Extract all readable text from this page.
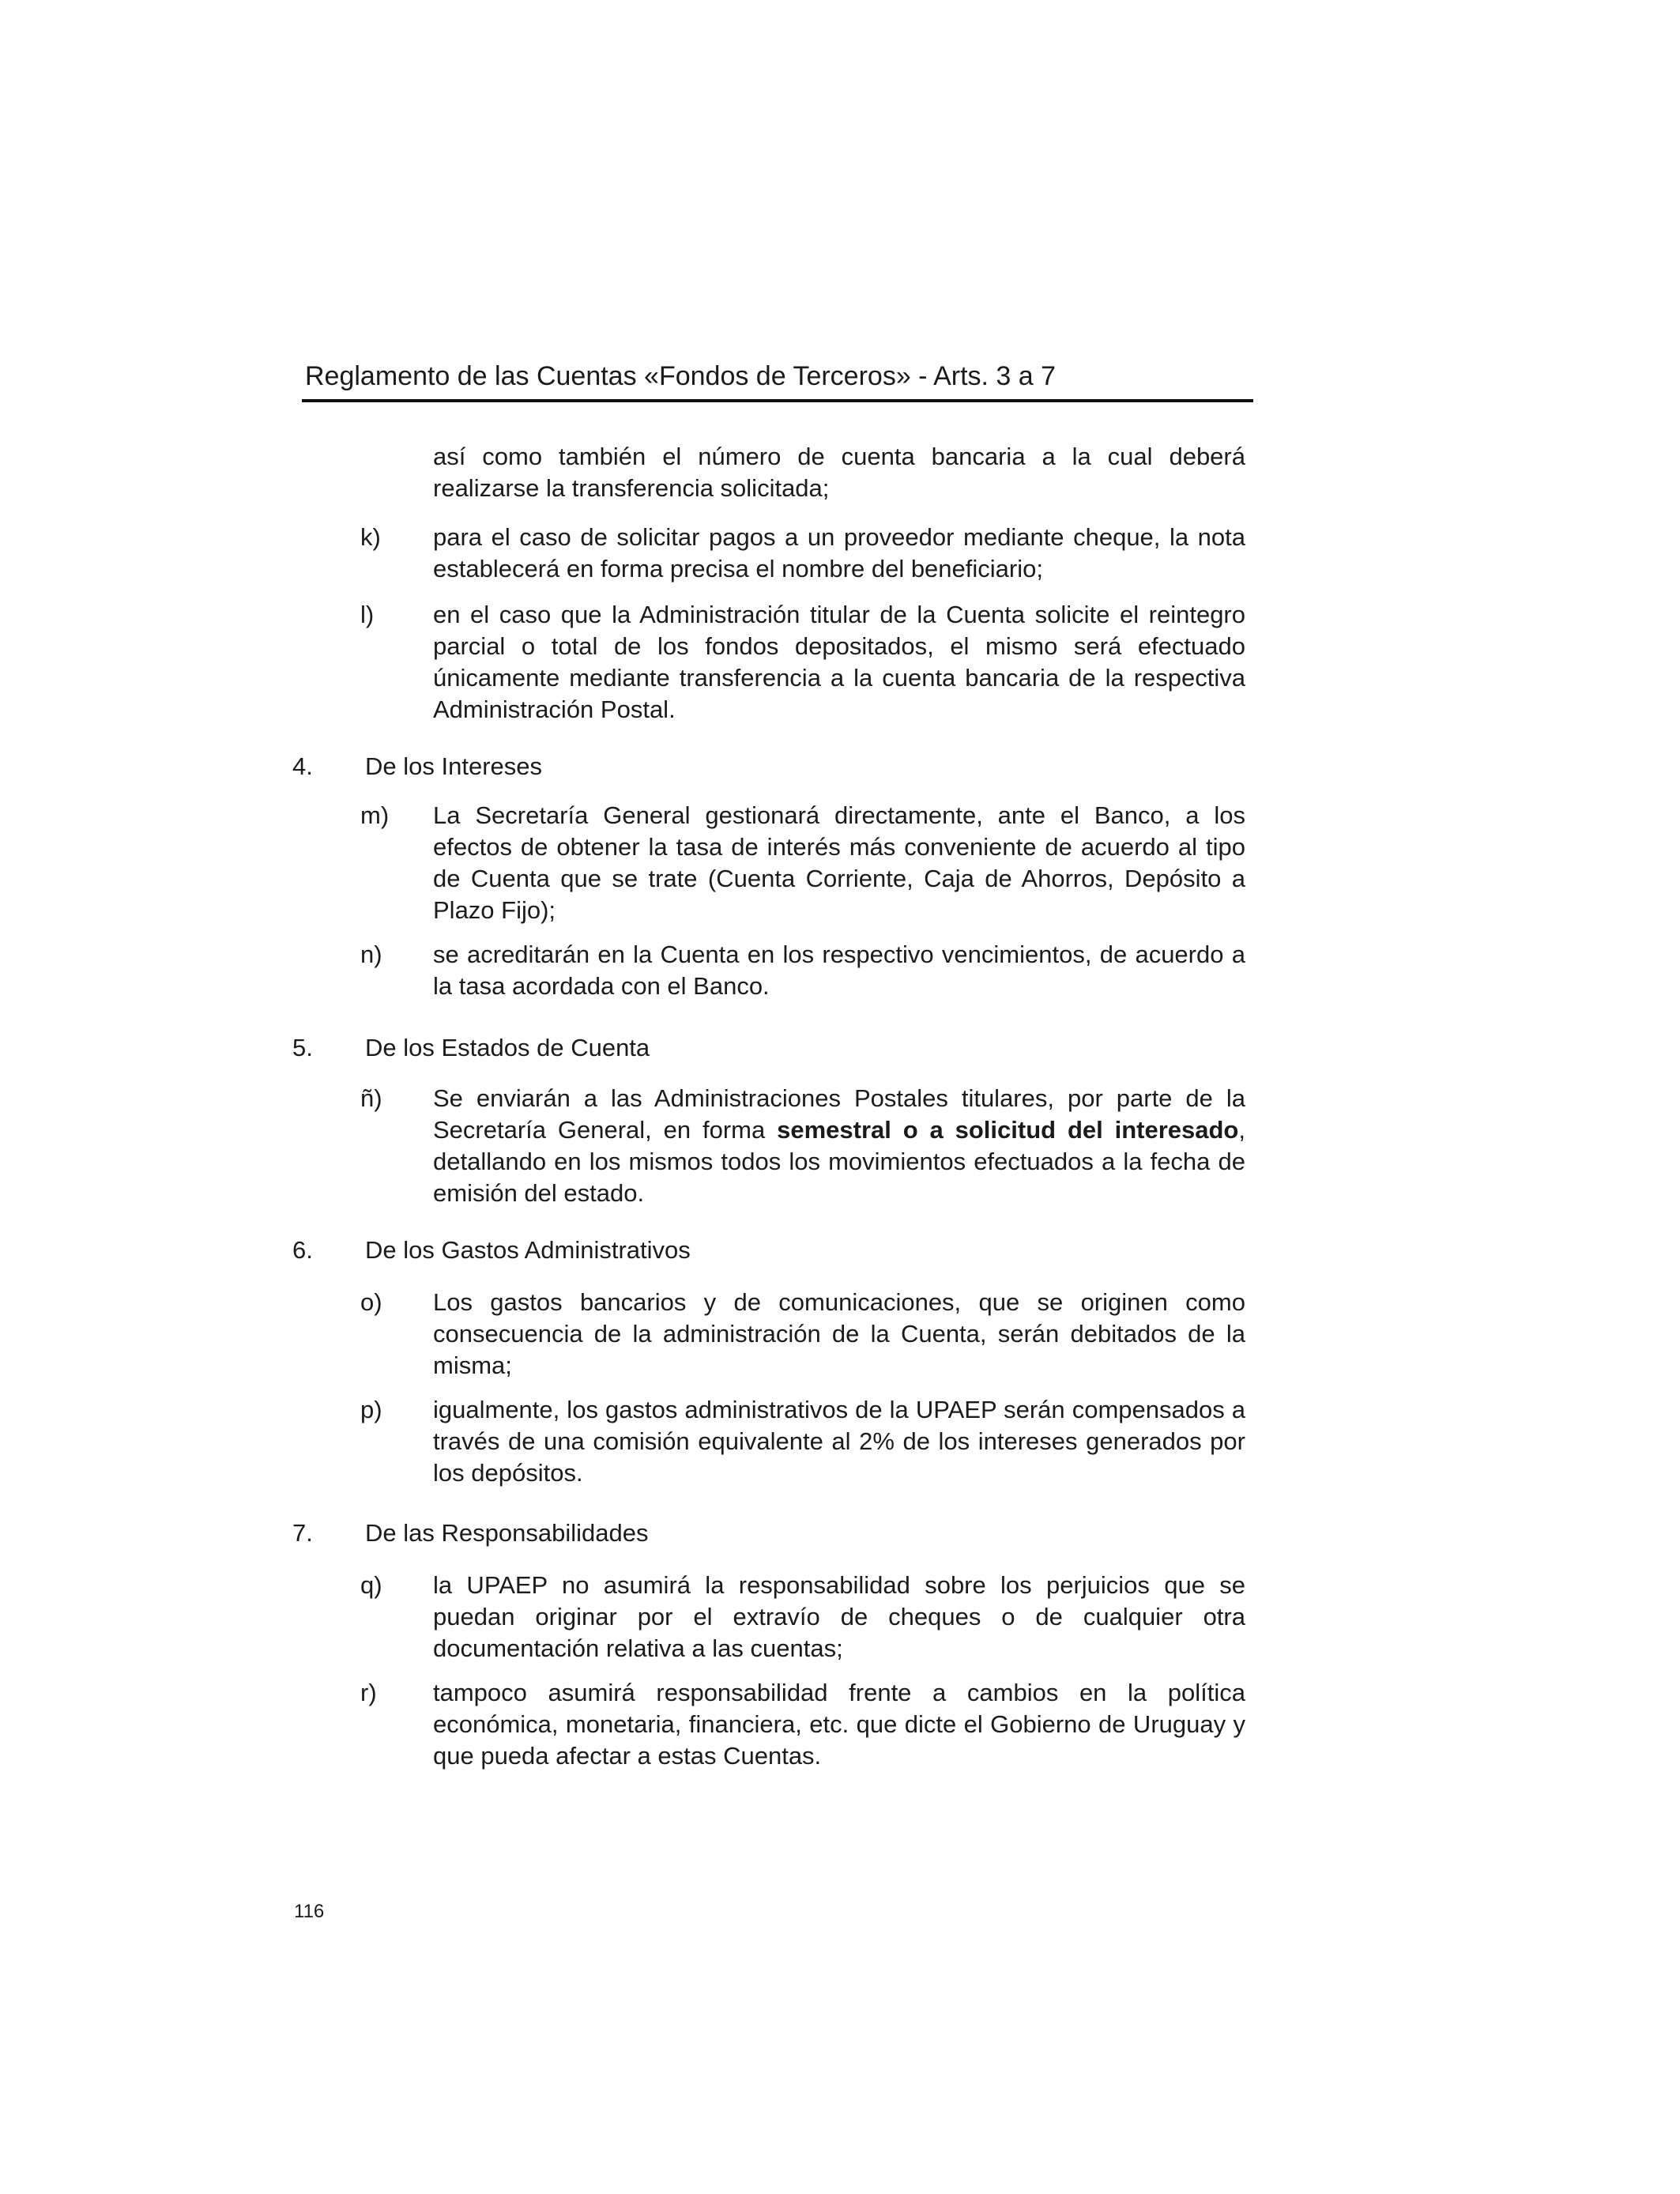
Reglamento de las Cuentas «Fondos de Terceros» - Arts. 3 a 7
así como también el número de cuenta bancaria a la cual deberá realizarse la transferencia solicitada;
k)	para el caso de solicitar pagos a un proveedor mediante cheque, la nota establecerá en forma precisa el nombre del beneficiario;
l)	en el caso que la Administración titular de la Cuenta solicite el reintegro parcial o total de los fondos depositados, el mismo será efectuado únicamente mediante transferencia a la cuenta bancaria de la respectiva Administración Postal.
4. De los Intereses
m)	La Secretaría General gestionará directamente, ante el Banco, a los efectos de obtener la tasa de interés más conveniente de acuerdo al tipo de Cuenta que se trate (Cuenta Corriente, Caja de Ahorros, Depósito a Plazo Fijo);
n)	se acreditarán en la Cuenta en los respectivo vencimientos, de acuerdo a la tasa acordada con el Banco.
5. De los Estados de Cuenta
ñ)	Se enviarán a las Administraciones Postales titulares, por parte de la Secretaría General, en forma semestral o a solicitud del interesado, detallando en los mismos todos los movimientos efectuados a la fecha de emisión del estado.
6. De los Gastos Administrativos
o)	Los gastos bancarios y de comunicaciones, que se originen como consecuencia de la administración de la Cuenta, serán debitados de la misma;
p)	igualmente, los gastos administrativos de la UPAEP serán compensados a través de una comisión equivalente al 2% de los intereses generados por los depósitos.
7. De las Responsabilidades
q)	la UPAEP no asumirá la responsabilidad sobre los perjuicios que se puedan originar por el extravío de cheques o de cualquier otra documentación relativa a las cuentas;
r)	tampoco asumirá responsabilidad frente a cambios en la política económica, monetaria, financiera, etc. que dicte el Gobierno de Uruguay y que pueda afectar a estas Cuentas.
116
